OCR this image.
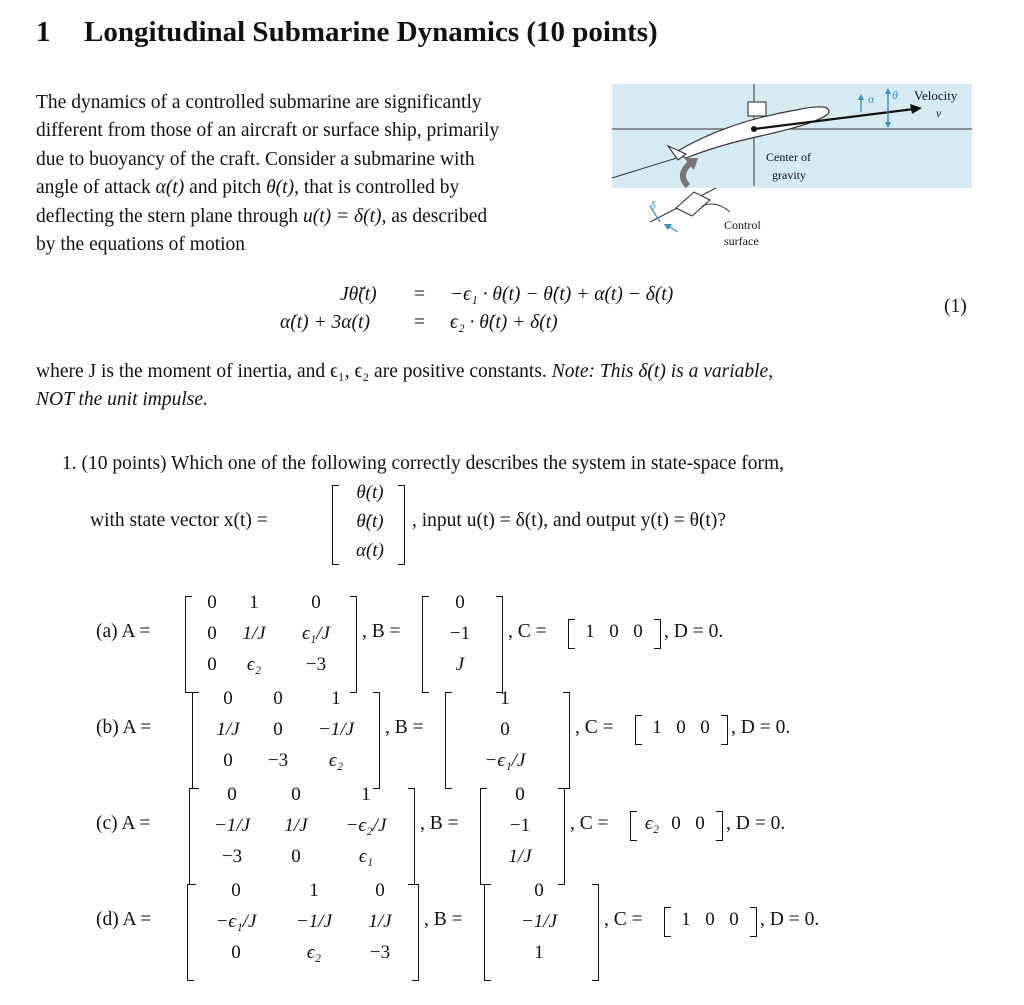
1 Longitudinal Submarine Dynamics (10 points)
The dynamics of a controlled submarine are significantly
different from those of an aircraft or surface ship, primarily
due to buoyancy of the craft. Consider a submarine with
angle of attack α(t) and pitch θ(t), that is controlled by
deflecting the stern plane through u(t) = δ(t), as described
by the equations of motion
Velocity
v
α θ
Center of
gravity
δ
Control
surface
Jθ̈(t) = −ϵ₁ · θ(t) − θ̇(t) + α(t) − δ(t)
α̇(t) + 3α(t) = ϵ₂ · θ̇(t) + δ(t)
(1)
where J is the moment of inertia, and ϵ₁, ϵ₂ are positive constants. Note: This δ(t) is a variable,
NOT the unit impulse.
1. (10 points) Which one of the following correctly describes the system in state-space form,
with state vector x(t) =
θ(t)
θ̇(t)
α(t)
, input u(t) = δ(t), and output y(t) = θ(t)?
(a) A =
0	1	0
0	1/J	ϵ₁/J
0	ϵ₂	−3
, B =
0
−1
J
, C = 1 0 0 , D = 0.
(b) A =
0	0	1
1/J	0	−1/J
0	−3	ϵ₂
, B =
1
0
−ϵ₁/J
, C = 1 0 0 , D = 0.
(c) A =
0	0	1
−1/J	1/J	−ϵ₂/J
−3	0	ϵ₁
, B =
0
−1
1/J
, C = ϵ₂ 0 0 , D = 0.
(d) A =
0	1	0
−ϵ₁/J	−1/J	1/J
0	ϵ₂	−3
, B =
0
−1/J
1
, C = 1 0 0 , D = 0.
